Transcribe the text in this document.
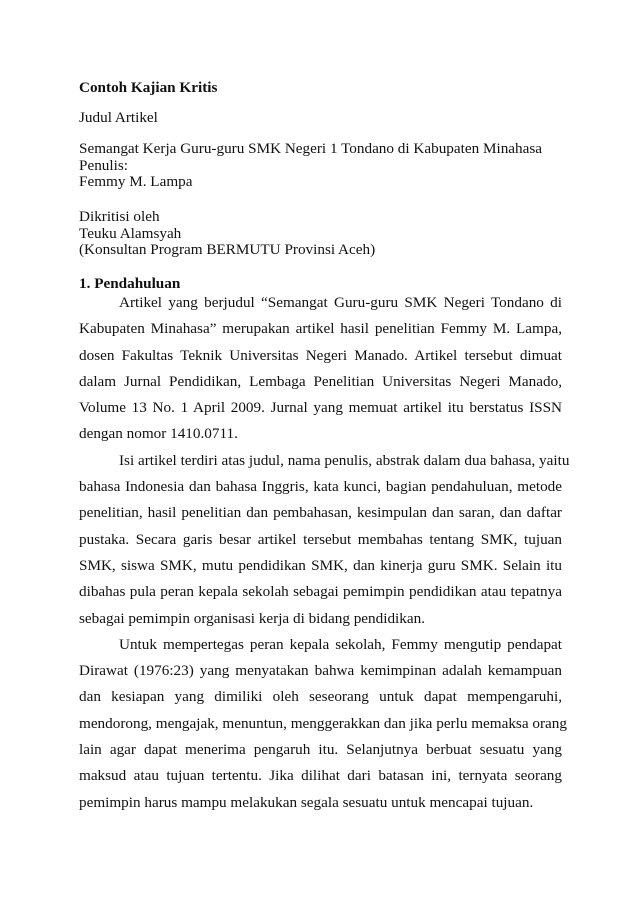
Contoh Kajian Kritis
Judul Artikel
Semangat Kerja Guru-guru SMK Negeri 1 Tondano di Kabupaten Minahasa
Penulis:
Femmy M. Lampa
Dikritisi oleh
Teuku Alamsyah
(Konsultan Program BERMUTU Provinsi Aceh)
1. Pendahuluan

Artikel yang berjudul “Semangat Guru-guru SMK Negeri Tondano di
Kabupaten Minahasa” merupakan artikel hasil penelitian Femmy M. Lampa,
dosen Fakultas Teknik Universitas Negeri Manado. Artikel tersebut dimuat
dalam Jurnal Pendidikan, Lembaga Penelitian Universitas Negeri Manado,
Volume 13 No. 1 April 2009. Jurnal yang memuat artikel itu berstatus ISSN
dengan nomor 1410.0711.

Isi artikel terdiri atas judul, nama penulis, abstrak dalam dua bahasa, yaitu
bahasa Indonesia dan bahasa Inggris, kata kunci, bagian pendahuluan, metode
penelitian, hasil penelitian dan pembahasan, kesimpulan dan saran, dan daftar
pustaka. Secara garis besar artikel tersebut membahas tentang SMK, tujuan
SMK, siswa SMK, mutu pendidikan SMK, dan kinerja guru SMK. Selain itu
dibahas pula peran kepala sekolah sebagai pemimpin pendidikan atau tepatnya
sebagai pemimpin organisasi kerja di bidang pendidikan.

Untuk mempertegas peran kepala sekolah, Femmy mengutip pendapat
Dirawat (1976:23) yang menyatakan bahwa kemimpinan adalah kemampuan
dan kesiapan yang dimiliki oleh seseorang untuk dapat mempengaruhi,
mendorong, mengajak, menuntun, menggerakkan dan jika perlu memaksa orang
lain agar dapat menerima pengaruh itu. Selanjutnya berbuat sesuatu yang
maksud atau tujuan tertentu. Jika dilihat dari batasan ini, ternyata seorang
pemimpin harus mampu melakukan segala sesuatu untuk mencapai tujuan.
